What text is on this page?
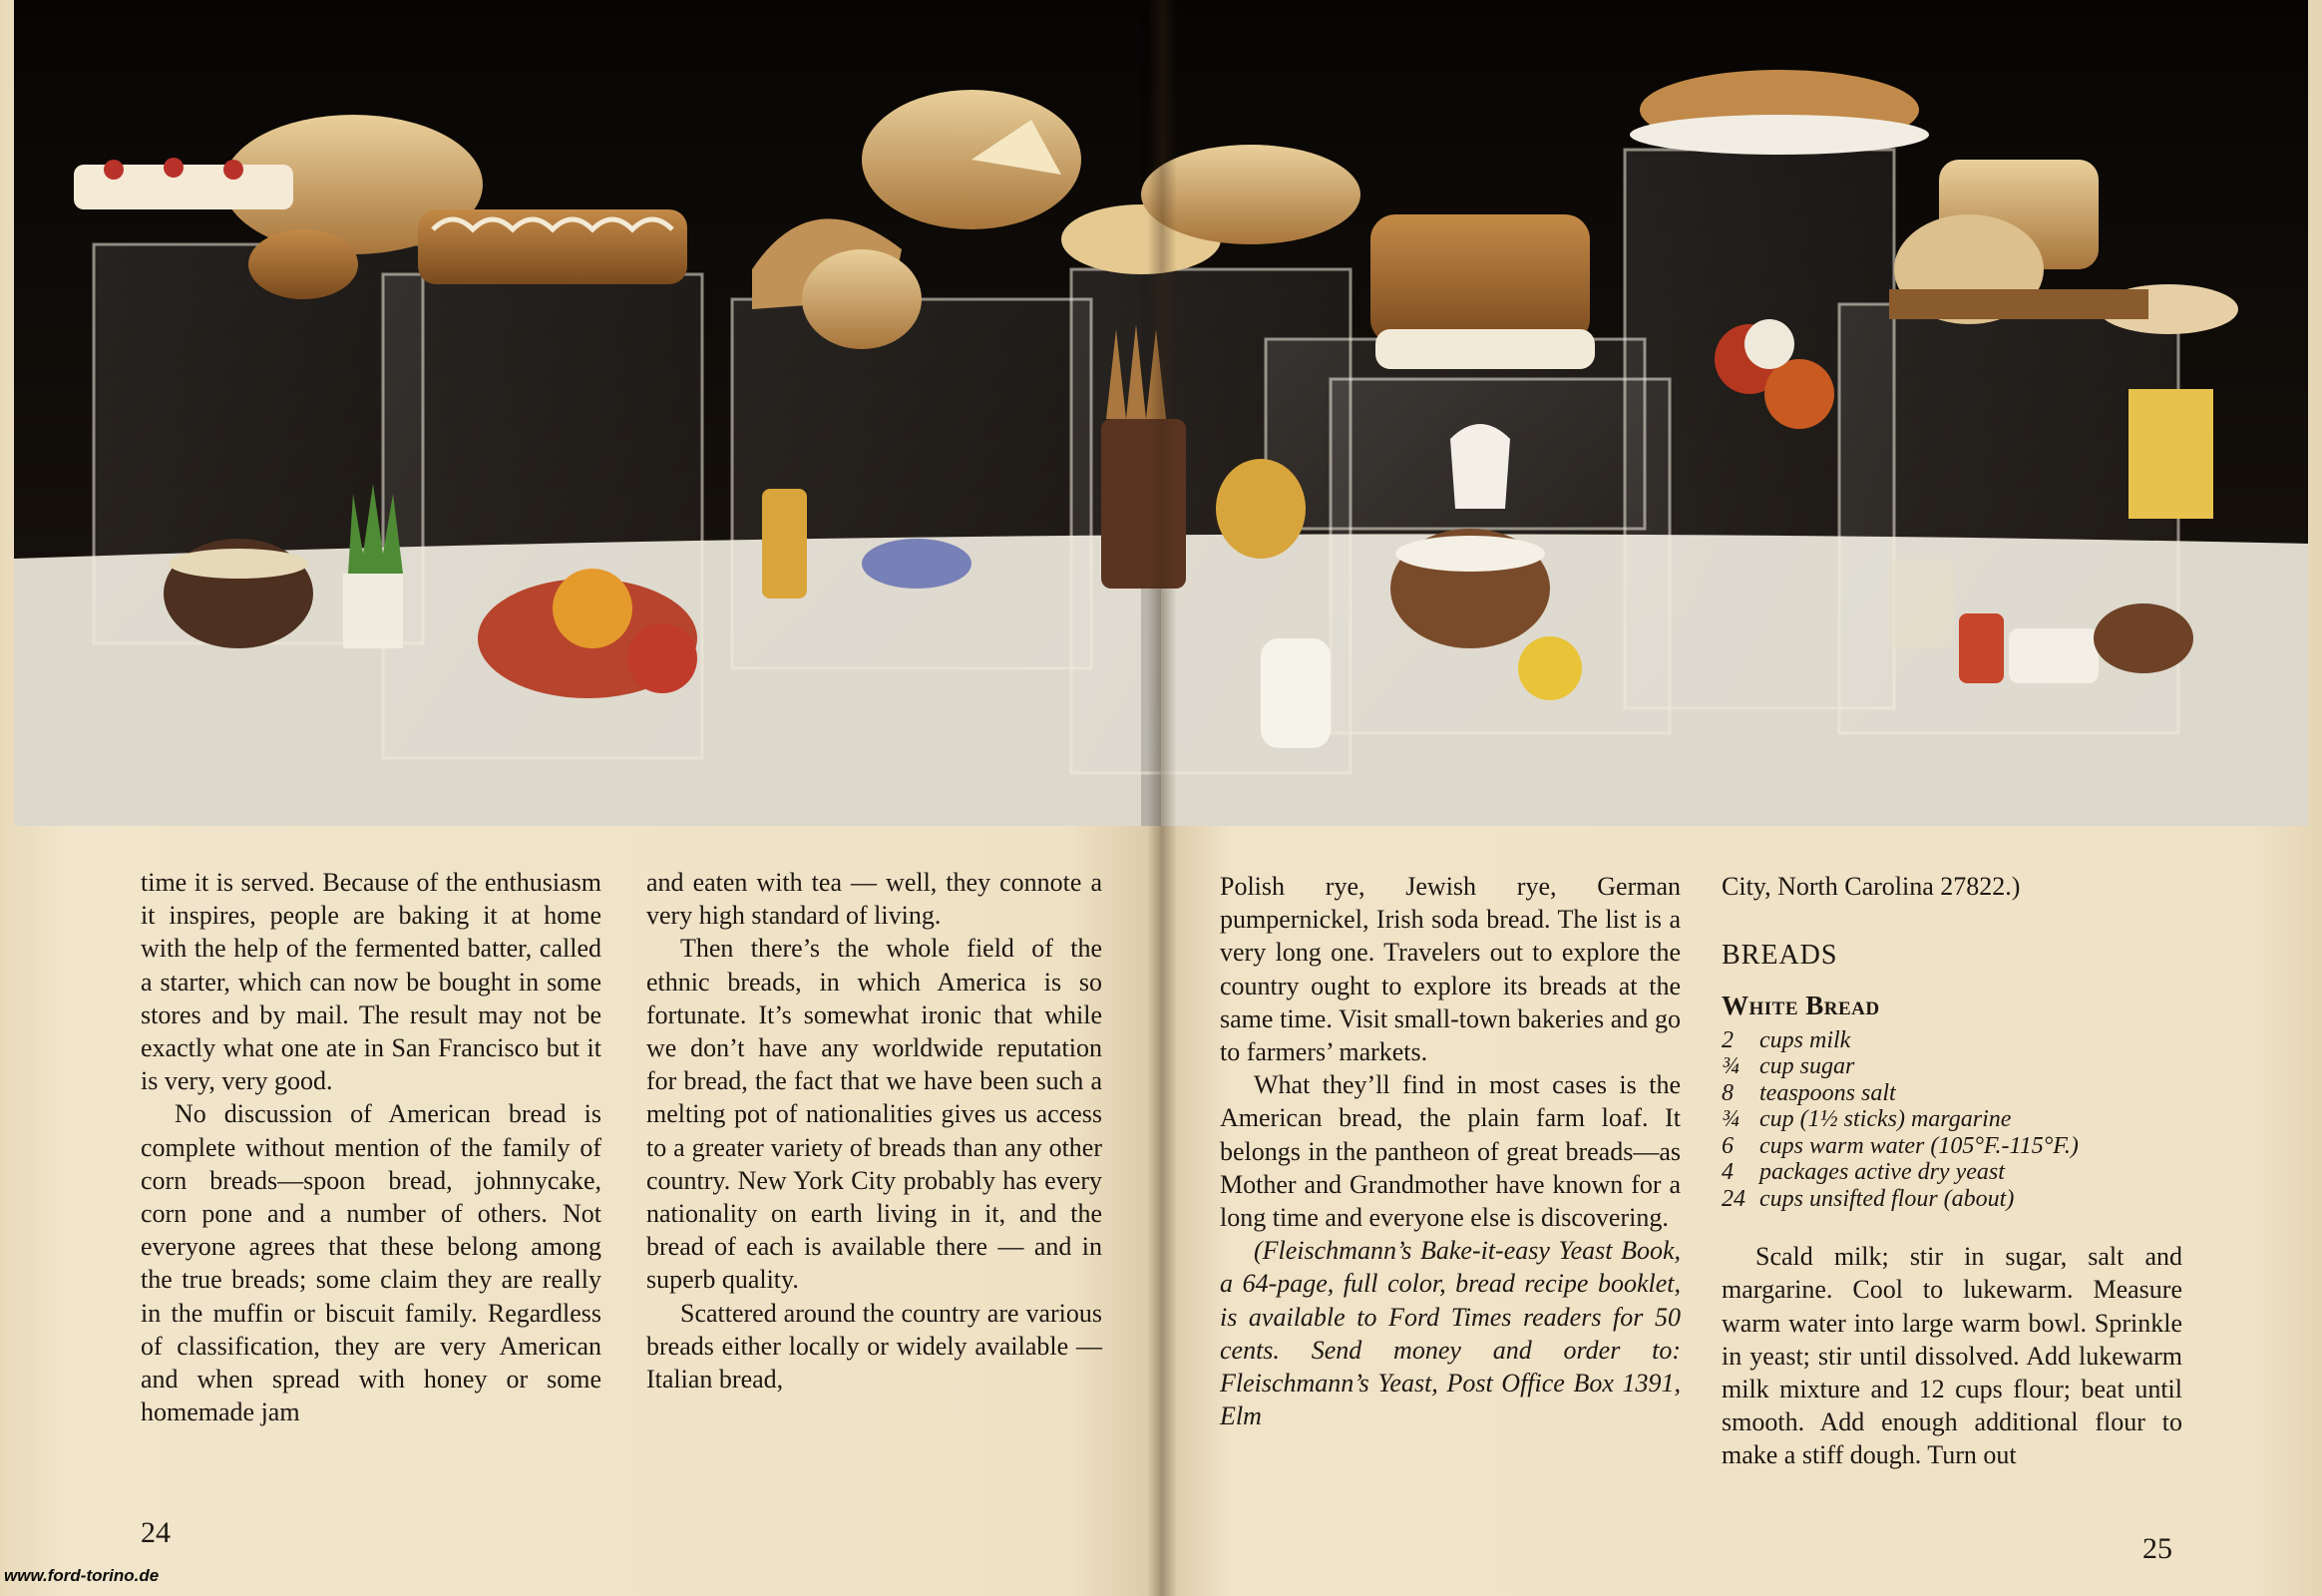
time it is served. Because of the enthusiasm it inspires, people are baking it at home with the help of the fermented batter, called a starter, which can now be bought in some stores and by mail. The result may not be exactly what one ate in San Francisco but it is very, very good.

No discussion of American bread is complete without mention of the family of corn breads—spoon bread, johnnycake, corn pone and a number of others. Not everyone agrees that these belong among the true breads; some claim they are really in the muffin or biscuit family. Regardless of classification, they are very American and when spread with honey or some homemade jam

and eaten with tea — well, they connote a very high standard of living.

Then there’s the whole field of the ethnic breads, in which America is so fortunate. It’s somewhat ironic that while we don’t have any worldwide reputation for bread, the fact that we have been such a melting pot of nationalities gives us access to a greater variety of breads than any other country. New York City probably has every nationality on earth living in it, and the bread of each is available there — and in superb quality.

Scattered around the country are various breads either locally or widely available — Italian bread,

24

Polish rye, Jewish rye, German pumpernickel, Irish soda bread. The list is a very long one. Travelers out to explore the country ought to explore its breads at the same time. Visit small-town bakeries and go to farmers’ markets.

What they’ll find in most cases is the American bread, the plain farm loaf. It belongs in the pantheon of great breads—as Mother and Grandmother have known for a long time and everyone else is discovering.

(Fleischmann’s Bake-it-easy Yeast Book, a 64-page, full color, bread recipe booklet, is available to Ford Times readers for 50 cents. Send money and order to: Fleischmann’s Yeast, Post Office Box 1391, Elm

City, North Carolina 27822.)

BREADS
White Bread
2	cups milk
¾ cup sugar
8	teaspoons salt
¾ cup (1½ sticks) margarine
6	cups warm water (105°F.-115°F.)
4	packages active dry yeast
24 cups unsifted flour (about)

Scald milk; stir in sugar, salt and margarine. Cool to lukewarm. Measure warm water into large warm bowl. Sprinkle in yeast; stir until dissolved. Add lukewarm milk mixture and 12 cups flour; beat until smooth. Add enough additional flour to make a stiff dough. Turn out

25
www.ford-torino.de
